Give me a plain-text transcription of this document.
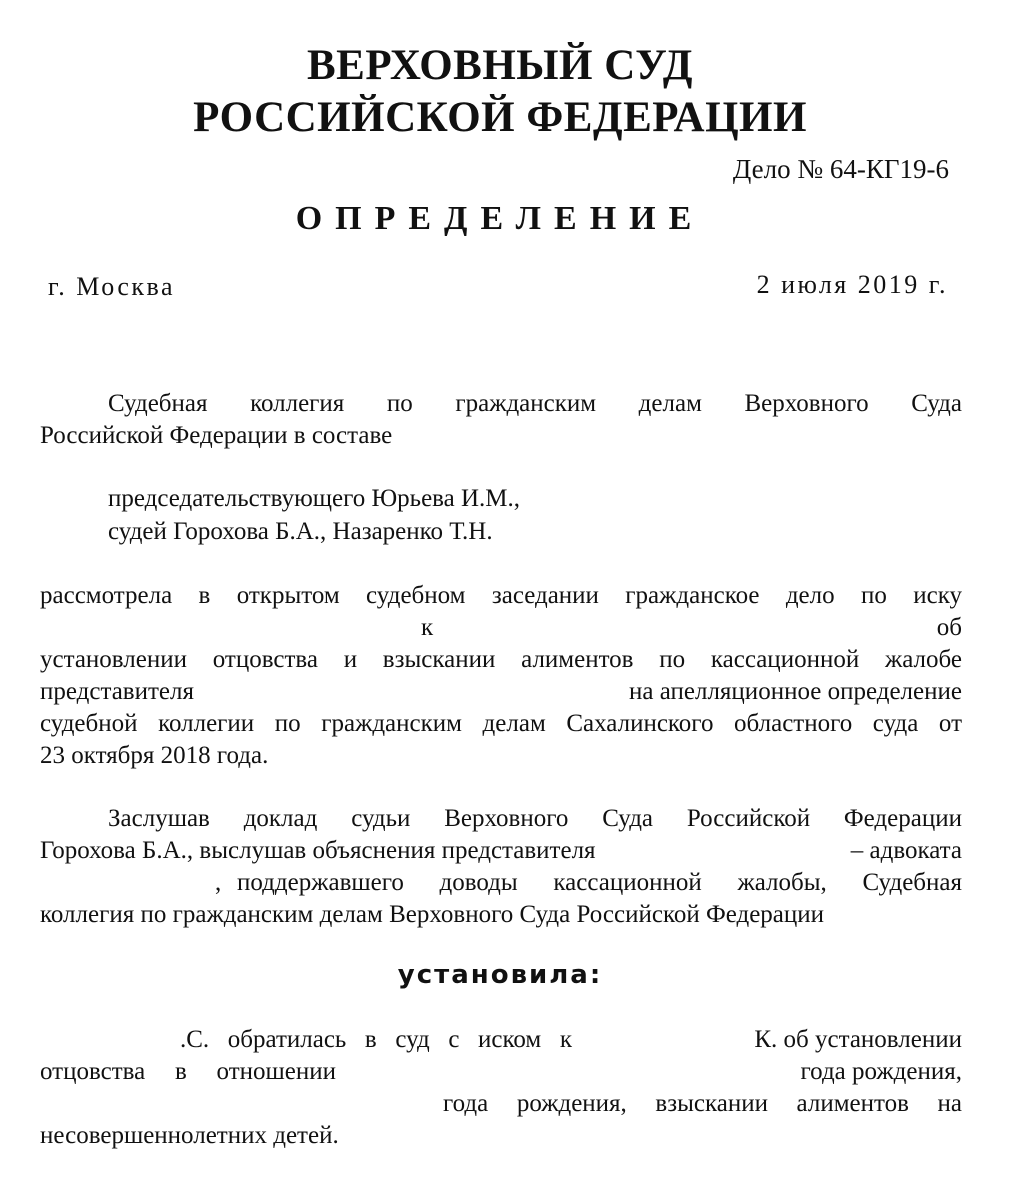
ВЕРХОВНЫЙ СУД
РОССИЙСКОЙ ФЕДЕРАЦИИ
Дело № 64-КГ19-6
ОПРЕДЕЛЕНИЕ
г. Москва	2 июля 2019 г.
Судебная коллегия по гражданским делам Верховного Суда
Российской Федерации в составе
председательствующего Юрьева И.М.,
судей Горохова Б.А., Назаренко Т.Н.
рассмотрела в открытом судебном заседании гражданское дело по иску
к	об
установлении отцовства и взыскании алиментов по кассационной жалобе
представителя	на апелляционное определение
судебной коллегии по гражданским делам Сахалинского областного суда от
23 октября 2018 года.
Заслушав доклад судьи Верховного Суда Российской Федерации
Горохова Б.А., выслушав объяснения представителя	– адвоката
, поддержавшего доводы кассационной жалобы, Судебная
коллегия по гражданским делам Верховного Суда Российской Федерации
установила:
.С. обратилась в суд с иском к	К. об установлении
отцовства в отношении	года рождения,
года рождения, взыскании алиментов на
несовершеннолетних детей.
